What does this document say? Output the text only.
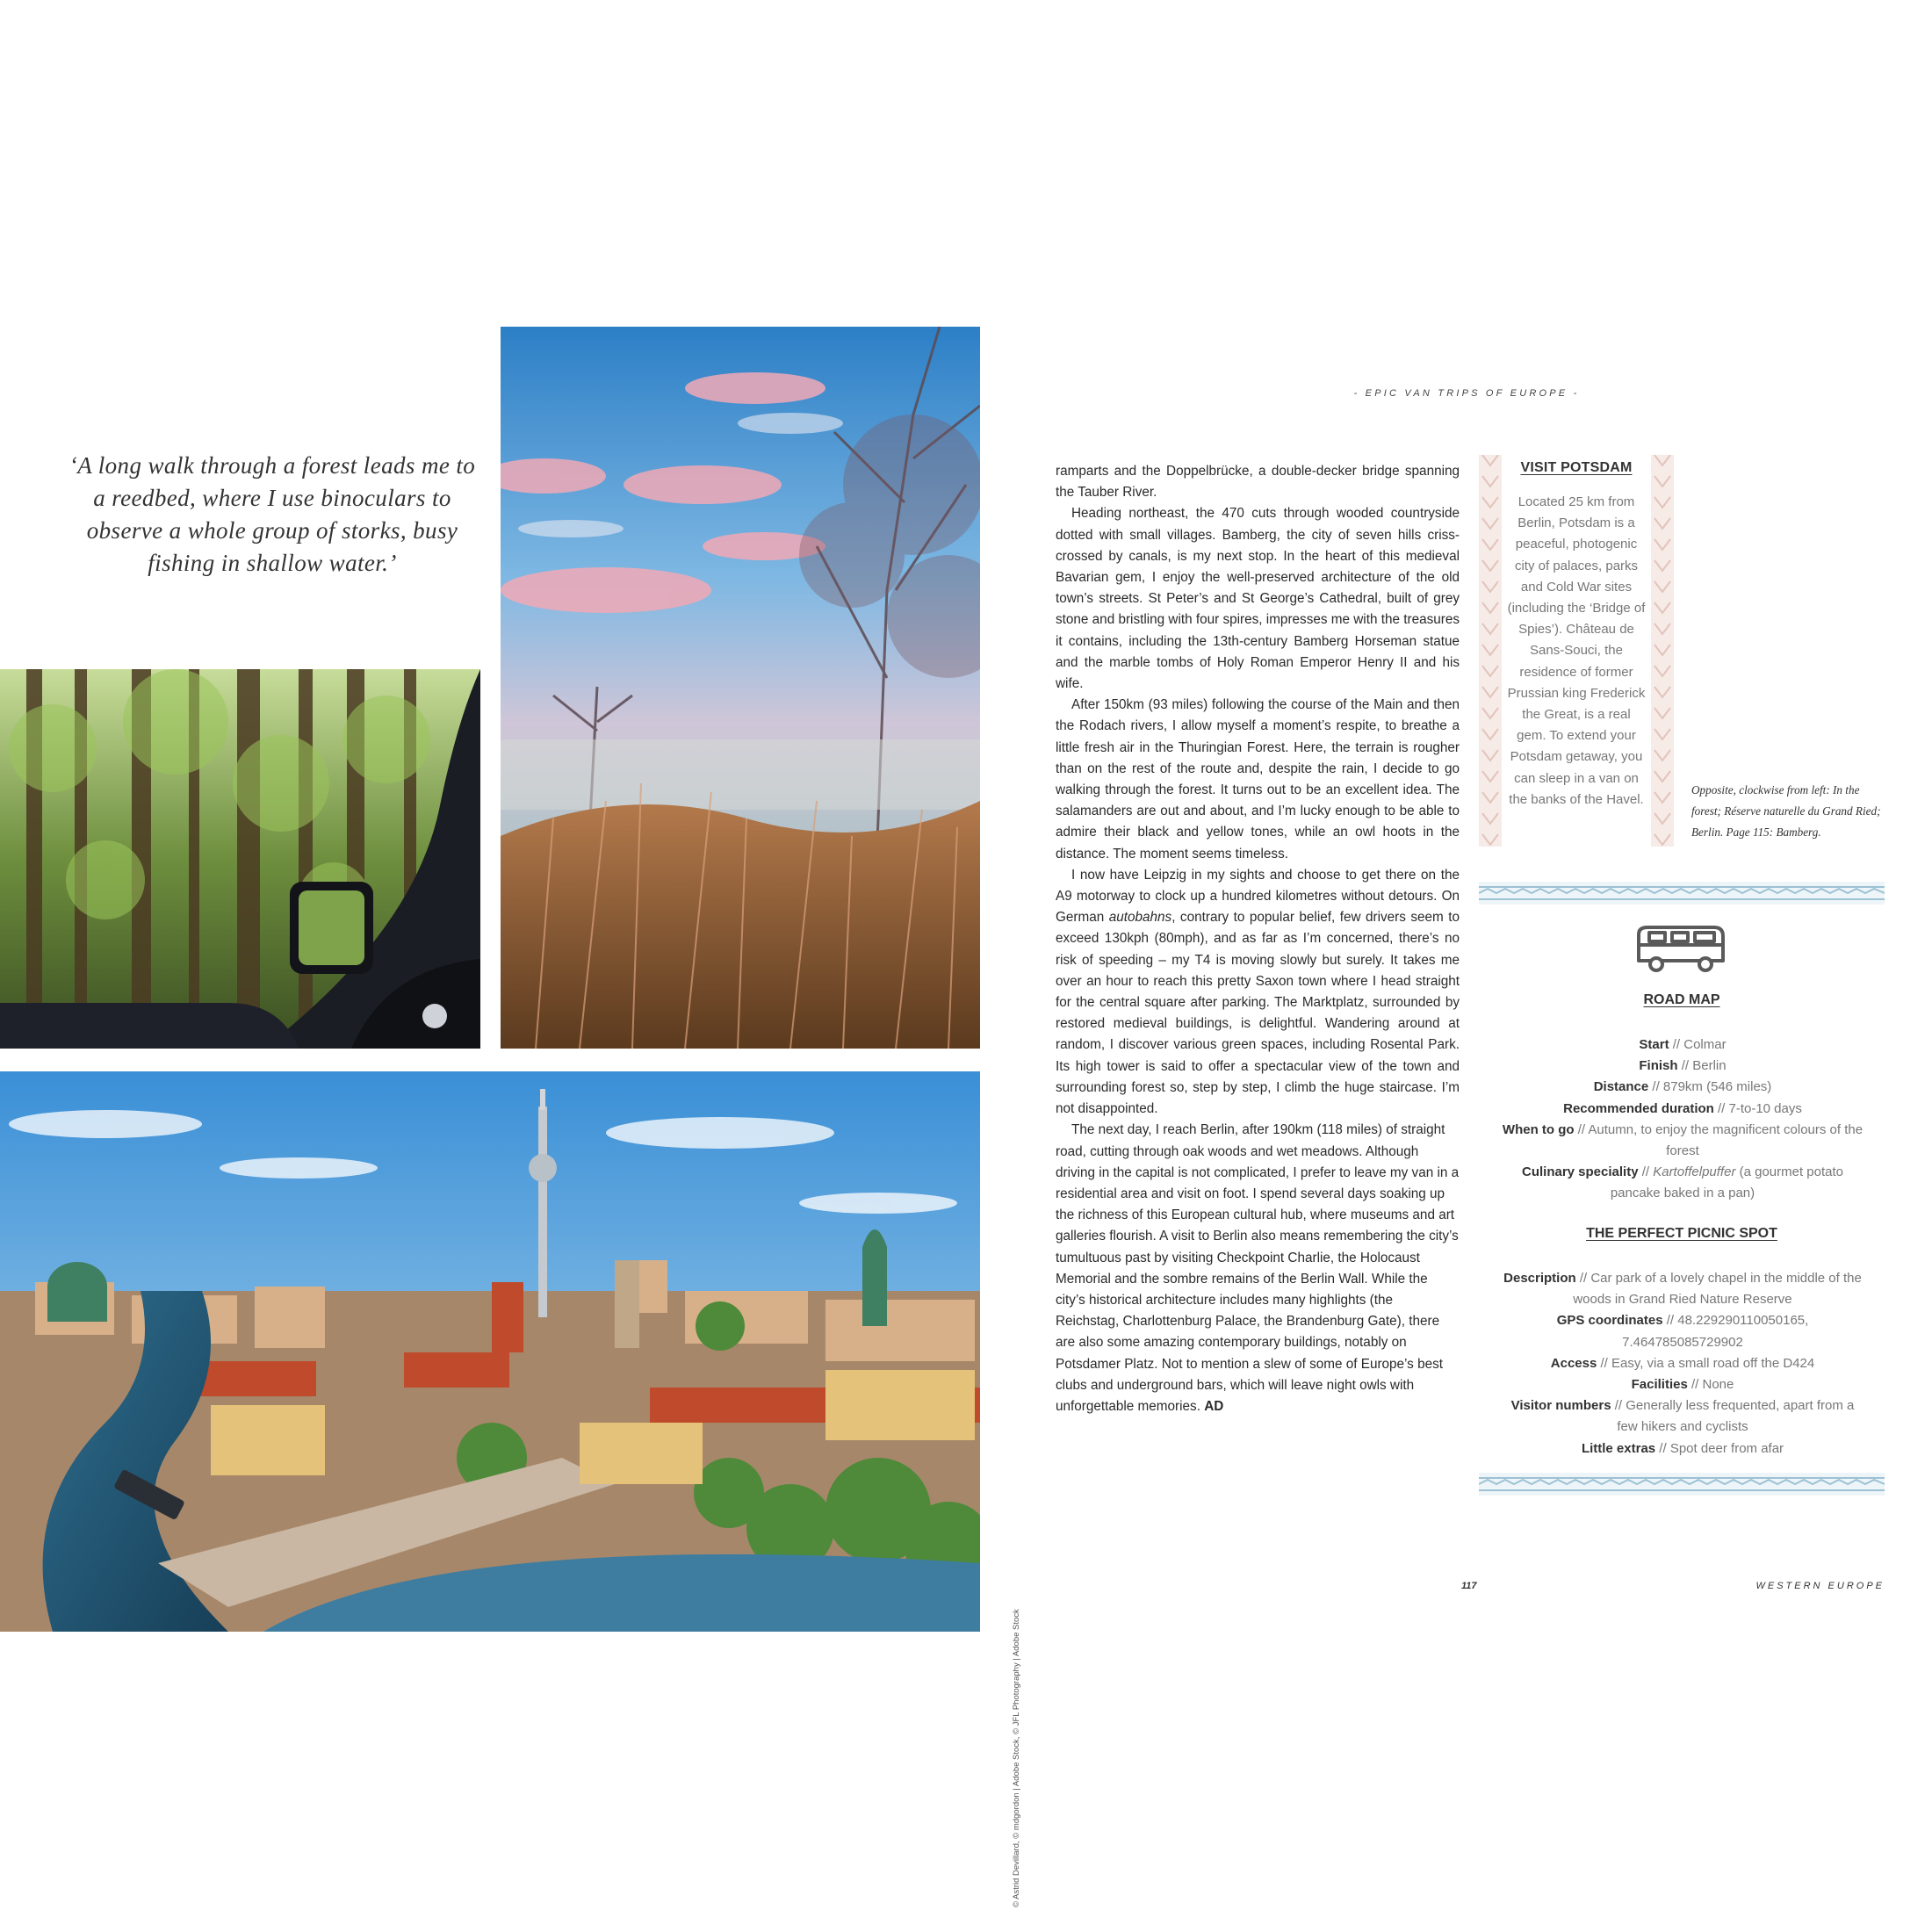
‘A long walk through a forest leads me to a reedbed, where I use binoculars to observe a whole group of storks, busy fishing in shallow water.’
© Astrid Devillard, © mdgordon | Adobe Stock, © JFL Photography | Adobe Stock
- EPIC VAN TRIPS OF EUROPE -

ramparts and the Doppelbrücke, a double-decker bridge spanning the Tauber River.

Heading northeast, the 470 cuts through wooded countryside dotted with small villages. Bamberg, the city of seven hills criss-crossed by canals, is my next stop. In the heart of this medieval Bavarian gem, I enjoy the well-preserved architecture of the old town’s streets. St Peter’s and St George’s Cathedral, built of grey stone and bristling with four spires, impresses me with the treasures it contains, including the 13th-century Bamberg Horseman statue and the marble tombs of Holy Roman Emperor Henry II and his wife.

After 150km (93 miles) following the course of the Main and then the Rodach rivers, I allow myself a moment’s respite, to breathe a little fresh air in the Thuringian Forest. Here, the terrain is rougher than on the rest of the route and, despite the rain, I decide to go walking through the forest. It turns out to be an excellent idea. The salamanders are out and about, and I’m lucky enough to be able to admire their black and yellow tones, while an owl hoots in the distance. The moment seems timeless.

I now have Leipzig in my sights and choose to get there on the A9 motorway to clock up a hundred kilometres without detours. On German autobahns, contrary to popular belief, few drivers seem to exceed 130kph (80mph), and as far as I’m concerned, there’s no risk of speeding – my T4 is moving slowly but surely. It takes me over an hour to reach this pretty Saxon town where I head straight for the central square after parking. The Marktplatz, surrounded by restored medieval buildings, is delightful. Wandering around at random, I discover various green spaces, including Rosental Park. Its high tower is said to offer a spectacular view of the town and surrounding forest so, step by step, I climb the huge staircase. I’m not disappointed.

The next day, I reach Berlin, after 190km (118 miles) of straight road, cutting through oak woods and wet meadows. Although driving in the capital is not complicated, I prefer to leave my van in a residential area and visit on foot. I spend several days soaking up the richness of this European cultural hub, where museums and art galleries flourish. A visit to Berlin also means remembering the city’s tumultuous past by visiting Checkpoint Charlie, the Holocaust Memorial and the sombre remains of the Berlin Wall. While the city’s historical architecture includes many highlights (the Reichstag, Charlottenburg Palace, the Brandenburg Gate), there are also some amazing contemporary buildings, notably on Potsdamer Platz. Not to mention a slew of some of Europe’s best clubs and underground bars, which will leave night owls with unforgettable memories. AD

VISIT POTSDAM
Located 25 km from Berlin, Potsdam is a peaceful, photogenic city of palaces, parks and Cold War sites (including the ‘Bridge of Spies’). Château de Sans-Souci, the residence of former Prussian king Frederick the Great, is a real gem. To extend your Potsdam getaway, you can sleep in a van on the banks of the Havel.
Opposite, clockwise from left: In the forest; Réserve naturelle du Grand Ried; Berlin. Page 115: Bamberg.
ROAD MAP
Start // Colmar
Finish // Berlin
Distance // 879km (546 miles)
Recommended duration // 7-to-10 days
When to go // Autumn, to enjoy the magnificent colours of the forest
Culinary speciality // Kartoffelpuffer (a gourmet potato pancake baked in a pan)
THE PERFECT PICNIC SPOT
Description // Car park of a lovely chapel in the middle of the woods in Grand Ried Nature Reserve
GPS coordinates // 48.229290110050165, 7.464785085729902
Access // Easy, via a small road off the D424
Facilities // None
Visitor numbers // Generally less frequented, apart from a few hikers and cyclists
Little extras // Spot deer from afar
117	WESTERN EUROPE
